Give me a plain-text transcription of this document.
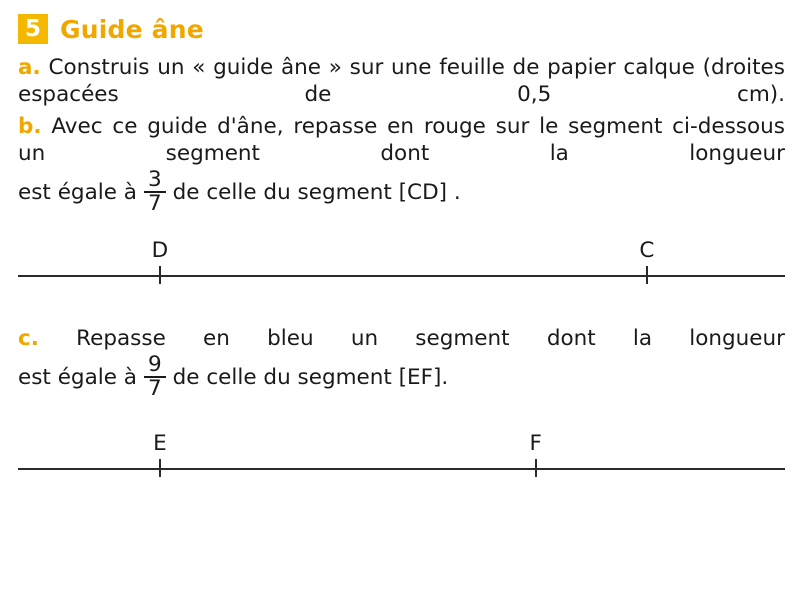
5 Guide âne

a. Construis un « guide âne » sur une feuille de papier calque (droites espacées de 0,5 cm).

b. Avec ce guide d'âne, repasse en rouge sur le segment ci-dessous un segment dont la longueur

est égale à $\frac{3}{7}$ de celle du segment [CD] .
D	C

c. Repasse en bleu un segment dont la longueur

est égale à $\frac{9}{7}$ de celle du segment [EF].
E	F
